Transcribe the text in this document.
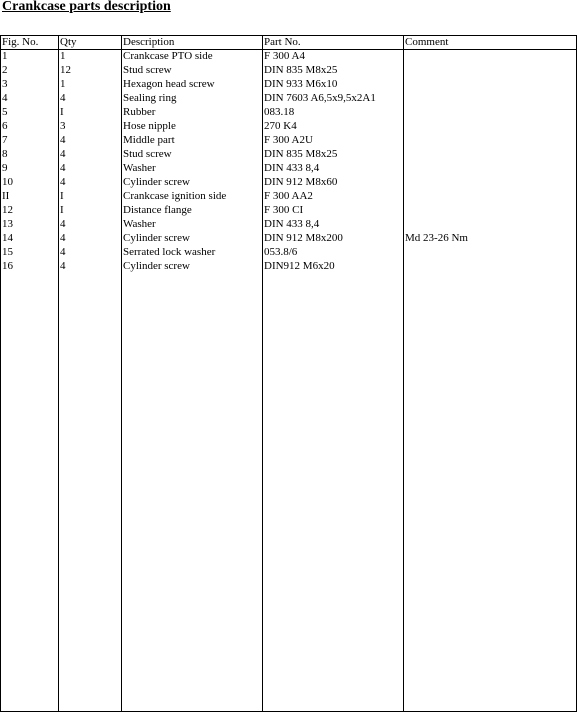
Crankcase parts description
Fig. No.	Qty	Description	Part No.	Comment
1	1	Crankcase PTO side	F 300 A4	
2	12	Stud screw	DIN 835 M8x25	
3	1	Hexagon head screw	DIN 933 M6x10	
4	4	Sealing ring	DIN 7603 A6,5x9,5x2A1	
5	I	Rubber	083.18	
6	3	Hose nipple	270 K4	
7	4	Middle part	F 300 A2U	
8	4	Stud screw	DIN 835 M8x25	
9	4	Washer	DIN 433 8,4	
10	4	Cylinder screw	DIN 912 M8x60	
II	I	Crankcase ignition side	F 300 AA2	
12	I	Distance flange	F 300 CI	
13	4	Washer	DIN 433 8,4	
14	4	Cylinder screw	DIN 912 M8x200	Md 23-26 Nm
15	4	Serrated lock washer	053.8/6	
16	4	Cylinder screw	DIN912 M6x20	
